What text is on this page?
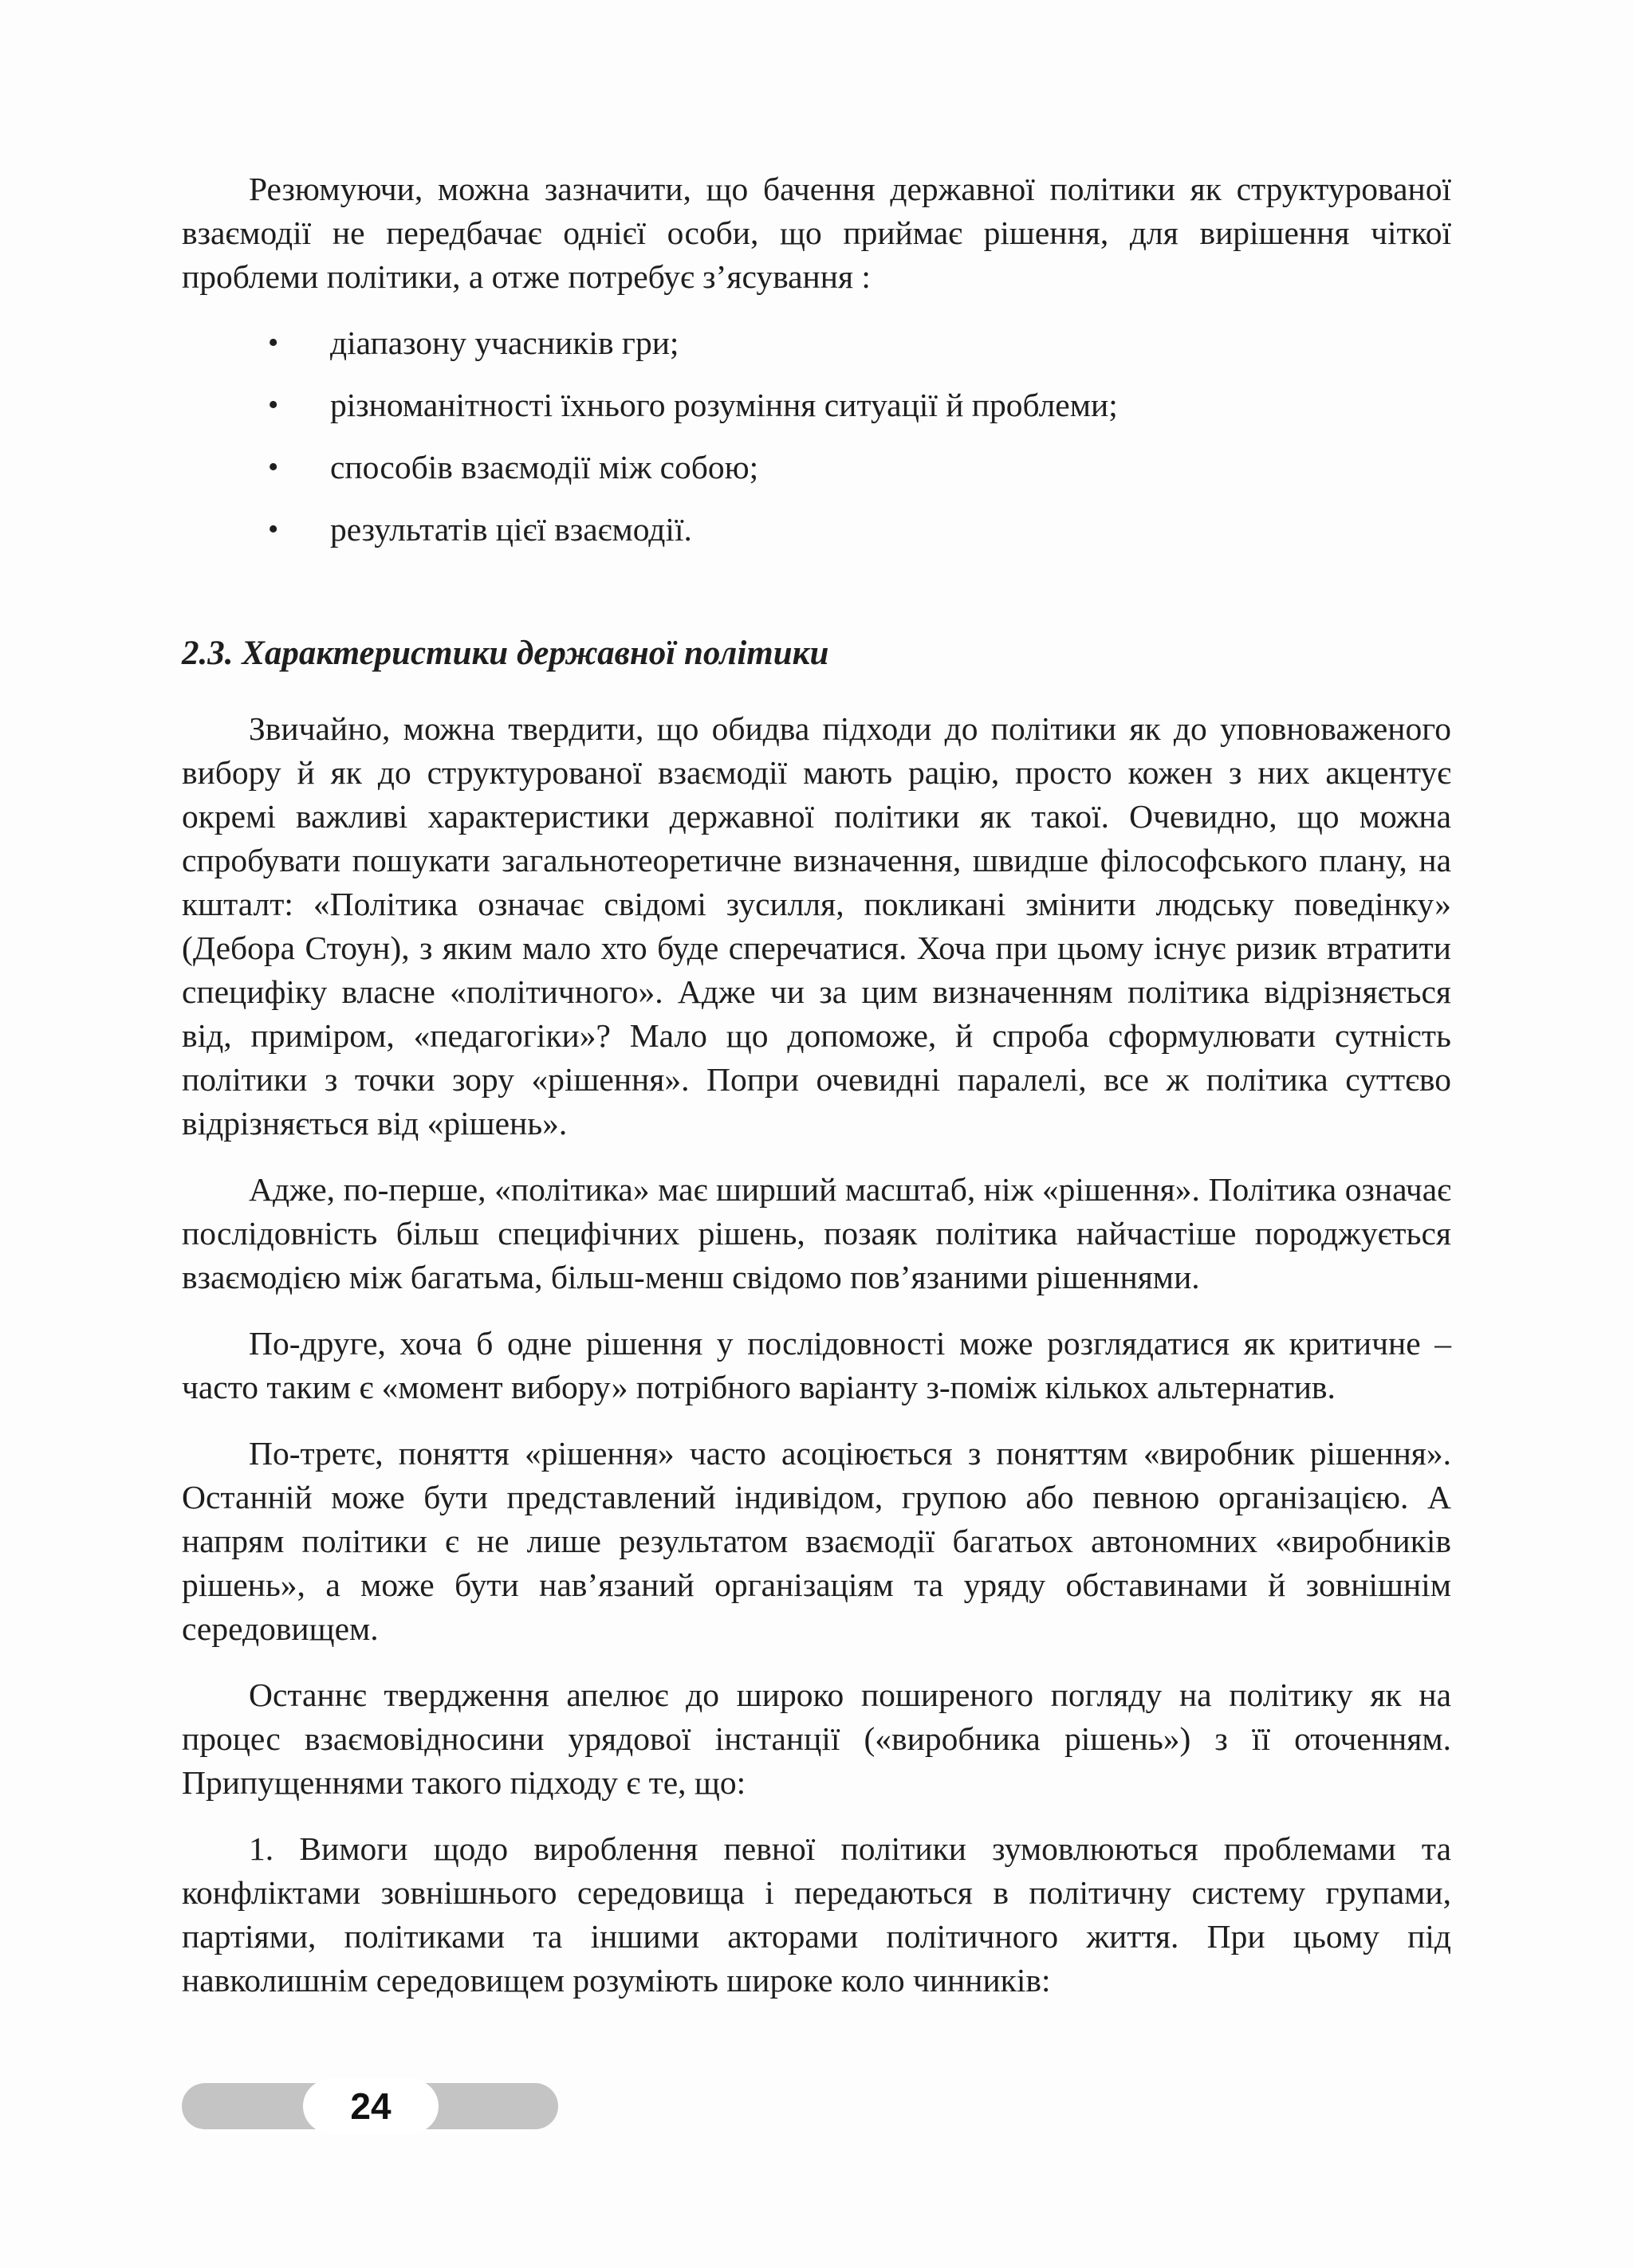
Резюмуючи, можна зазначити, що бачення державної політики як структурованої взаємодії не передбачає однієї особи, що приймає рішення, для вирішення чіткої проблеми політики, а отже потребує з’ясування :

• діапазону учасників гри;
• різноманітності їхнього розуміння ситуації й проблеми;
• способів взаємодії між собою;
• результатів цієї взаємодії.
2.3. Характеристики державної політики

Звичайно, можна твердити, що обидва підходи до політики як до уповноваженого вибору й як до структурованої взаємодії мають рацію, просто кожен з них акцентує окремі важливі характеристики державної політики як такої. Очевидно, що можна спробувати пошукати загальнотеоретичне визначення, швидше філософського плану, на кшталт: «Політика означає свідомі зусилля, покликані змінити людську поведінку» (Дебора Стоун), з яким мало хто буде сперечатися. Хоча при цьому існує ризик втратити специфіку власне «політичного». Адже чи за цим визначенням політика відрізняється від, приміром, «педагогіки»? Мало що допоможе, й спроба сформулювати сутність політики з точки зору «рішення». Попри очевидні паралелі, все ж політика суттєво відрізняється від «рішень».

Адже, по-перше, «політика» має ширший масштаб, ніж «рішення». Політика означає послідовність більш специфічних рішень, позаяк політика найчастіше породжується взаємодією між багатьма, більш-менш свідомо пов’язаними рішеннями.

По-друге, хоча б одне рішення у послідовності може розглядатися як критичне – часто таким є «момент вибору» потрібного варіанту з-поміж кількох альтернатив.

По-третє, поняття «рішення» часто асоціюється з поняттям «виробник рішення». Останній може бути представлений індивідом, групою або певною організацією. А напрям політики є не лише результатом взаємодії багатьох автономних «виробників рішень», а може бути нав’язаний організаціям та уряду обставинами й зовнішнім середовищем.

Останнє твердження апелює до широко поширеного погляду на політику як на процес взаємовідносини урядової інстанції («виробника рішень») з її оточенням. Припущеннями такого підходу є те, що:

1. Вимоги щодо вироблення певної політики зумовлюються проблемами та конфліктами зовнішнього середовища і передаються в політичну систему групами, партіями, політиками та іншими акторами політичного життя. При цьому під навколишнім середовищем розуміють широке коло чинників:

24
